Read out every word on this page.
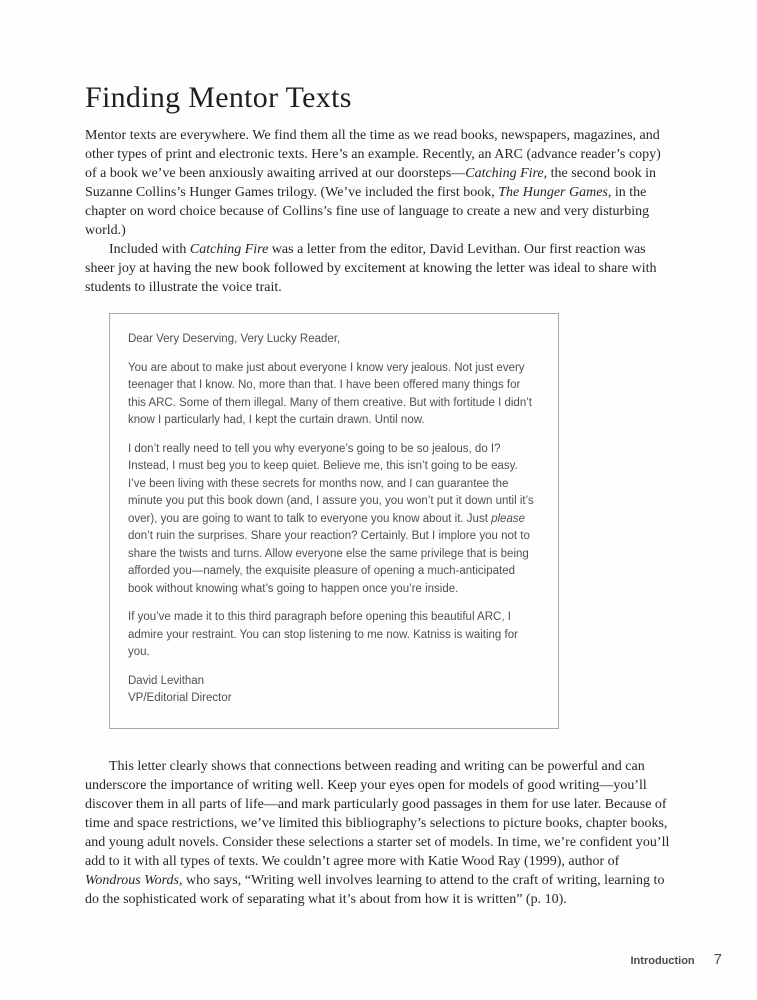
Finding Mentor Texts

Mentor texts are everywhere. We find them all the time as we read books, newspapers, magazines, and other types of print and electronic texts. Here’s an example. Recently, an ARC (advance reader’s copy) of a book we’ve been anxiously awaiting arrived at our doorsteps—Catching Fire, the second book in Suzanne Collins’s Hunger Games trilogy. (We’ve included the first book, The Hunger Games, in the chapter on word choice because of Collins’s fine use of language to create a new and very disturbing world.)

Included with Catching Fire was a letter from the editor, David Levithan. Our first reaction was sheer joy at having the new book followed by excitement at knowing the letter was ideal to share with students to illustrate the voice trait.

Dear Very Deserving, Very Lucky Reader,

You are about to make just about everyone I know very jealous. Not just every teenager that I know. No, more than that. I have been offered many things for this ARC. Some of them illegal. Many of them creative. But with fortitude I didn’t know I particularly had, I kept the curtain drawn. Until now.

I don’t really need to tell you why everyone’s going to be so jealous, do I? Instead, I must beg you to keep quiet. Believe me, this isn’t going to be easy. I’ve been living with these secrets for months now, and I can guarantee the minute you put this book down (and, I assure you, you won’t put it down until it’s over), you are going to want to talk to everyone you know about it. Just please don’t ruin the surprises. Share your reaction? Certainly. But I implore you not to share the twists and turns. Allow everyone else the same privilege that is being afforded you—namely, the exquisite pleasure of opening a much-anticipated book without knowing what’s going to happen once you’re inside.

If you’ve made it to this third paragraph before opening this beautiful ARC, I admire your restraint. You can stop listening to me now. Katniss is waiting for you.

David Levithan

VP/Editorial Director

This letter clearly shows that connections between reading and writing can be powerful and can underscore the importance of writing well. Keep your eyes open for models of good writing—you’ll discover them in all parts of life—and mark particularly good passages in them for use later. Because of time and space restrictions, we’ve limited this bibliography’s selections to picture books, chapter books, and young adult novels. Consider these selections a starter set of models. In time, we’re confident you’ll add to it with all types of texts. We couldn’t agree more with Katie Wood Ray (1999), author of Wondrous Words, who says, “Writing well involves learning to attend to the craft of writing, learning to do the sophisticated work of separating what it’s about from how it is written” (p. 10).

Introduction 7
